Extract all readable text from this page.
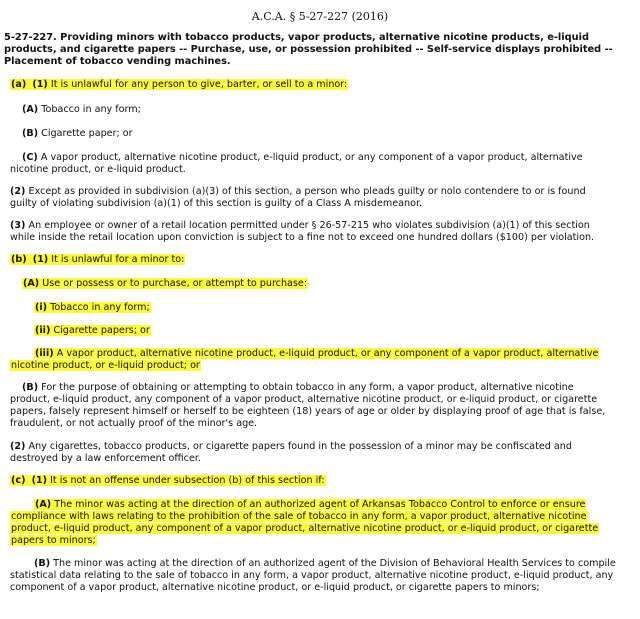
A.C.A. § 5-27-227 (2016)
5-27-227. Providing minors with tobacco products, vapor products, alternative nicotine products, e-liquid
products, and cigarette papers -- Purchase, use, or possession prohibited -- Self-service displays prohibited --
Placement of tobacco vending machines.
(a) (1) It is unlawful for any person to give, barter, or sell to a minor:
(A) Tobacco in any form;
(B) Cigarette paper; or
(C) A vapor product, alternative nicotine product, e-liquid product, or any component of a vapor product, alternative
nicotine product, or e-liquid product.
(2) Except as provided in subdivision (a)(3) of this section, a person who pleads guilty or nolo contendere to or is found
guilty of violating subdivision (a)(1) of this section is guilty of a Class A misdemeanor.
(3) An employee or owner of a retail location permitted under § 26-57-215 who violates subdivision (a)(1) of this section
while inside the retail location upon conviction is subject to a fine not to exceed one hundred dollars ($100) per violation.
(b) (1) It is unlawful for a minor to:
(A) Use or possess or to purchase, or attempt to purchase:
(i) Tobacco in any form;
(ii) Cigarette papers; or
(iii) A vapor product, alternative nicotine product, e-liquid product, or any component of a vapor product, alternative
nicotine product, or e-liquid product; or
(B) For the purpose of obtaining or attempting to obtain tobacco in any form, a vapor product, alternative nicotine
product, e-liquid product, any component of a vapor product, alternative nicotine product, or e-liquid product, or cigarette
papers, falsely represent himself or herself to be eighteen (18) years of age or older by displaying proof of age that is false,
fraudulent, or not actually proof of the minor's age.
(2) Any cigarettes, tobacco products, or cigarette papers found in the possession of a minor may be confiscated and
destroyed by a law enforcement officer.
(c) (1) It is not an offense under subsection (b) of this section if:
(A) The minor was acting at the direction of an authorized agent of Arkansas Tobacco Control to enforce or ensure
compliance with laws relating to the prohibition of the sale of tobacco in any form, a vapor product, alternative nicotine
product, e-liquid product, any component of a vapor product, alternative nicotine product, or e-liquid product, or cigarette
papers to minors;
(B) The minor was acting at the direction of an authorized agent of the Division of Behavioral Health Services to compile
statistical data relating to the sale of tobacco in any form, a vapor product, alternative nicotine product, e-liquid product, any
component of a vapor product, alternative nicotine product, or e-liquid product, or cigarette papers to minors;
